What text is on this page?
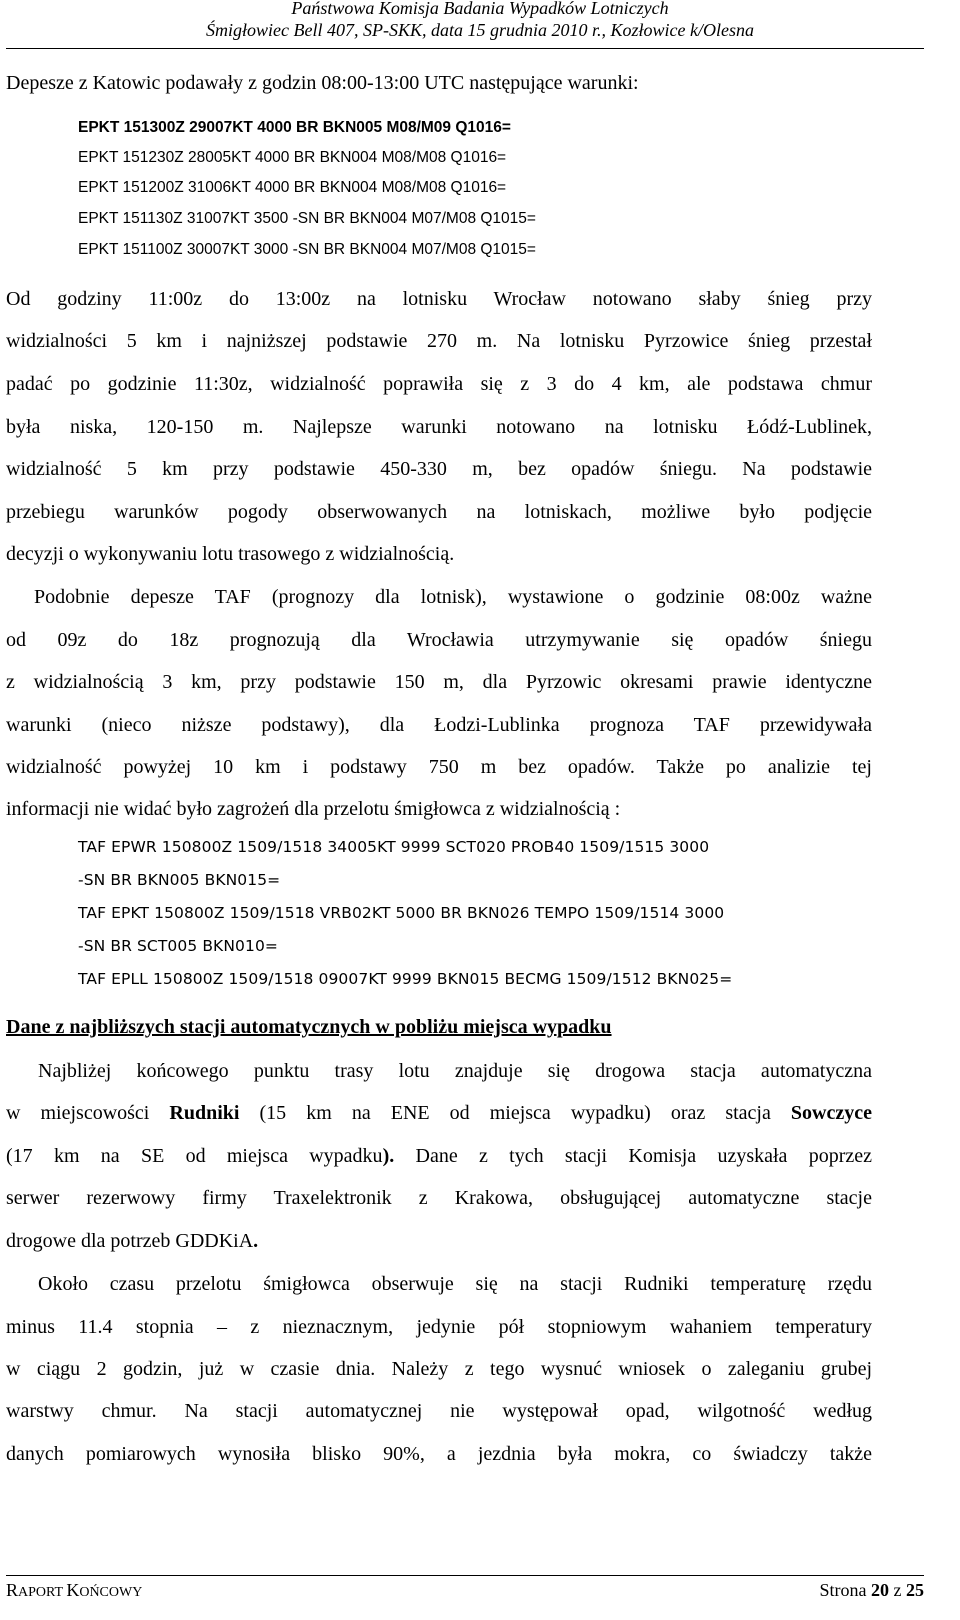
Państwowa Komisja Badania Wypadków Lotniczych
Śmigłowiec Bell 407, SP-SKK, data 15 grudnia 2010 r., Kozłowice k/Olesna
Depesze z Katowic podawały z godzin 08:00-13:00 UTC następujące warunki:
EPKT 151300Z 29007KT 4000 BR BKN005 M08/M09 Q1016=
EPKT 151230Z 28005KT 4000 BR BKN004 M08/M08 Q1016=
EPKT 151200Z 31006KT 4000 BR BKN004 M08/M08 Q1016=
EPKT 151130Z 31007KT 3500 -SN BR BKN004 M07/M08 Q1015=
EPKT 151100Z 30007KT 3000 -SN BR BKN004 M07/M08 Q1015=
Od godziny 11:00z do 13:00z na lotnisku Wrocław notowano słaby śnieg przy
widzialności 5 km i najniższej podstawie 270 m. Na lotnisku Pyrzowice śnieg przestał
padać po godzinie 11:30z, widzialność poprawiła się z 3 do 4 km, ale podstawa chmur
była niska, 120-150 m. Najlepsze warunki notowano na lotnisku Łódź-Lublinek,
widzialność 5 km przy podstawie 450-330 m, bez opadów śniegu. Na podstawie
przebiegu warunków pogody obserwowanych na lotniskach, możliwe było podjęcie
decyzji o wykonywaniu lotu trasowego z widzialnością.
Podobnie depesze TAF (prognozy dla lotnisk), wystawione o godzinie 08:00z ważne
od 09z do 18z prognozują dla Wrocławia utrzymywanie się opadów śniegu
z widzialnością 3 km, przy podstawie 150 m, dla Pyrzowic okresami prawie identyczne
warunki (nieco niższe podstawy), dla Łodzi-Lublinka prognoza TAF przewidywała
widzialność powyżej 10 km i podstawy 750 m bez opadów. Także po analizie tej
informacji nie widać było zagrożeń dla przelotu śmigłowca z widzialnością :
TAF EPWR 150800Z 1509/1518 34005KT 9999 SCT020 PROB40 1509/1515 3000
-SN BR BKN005 BKN015=
TAF EPKT 150800Z 1509/1518 VRB02KT 5000 BR BKN026 TEMPO 1509/1514 3000
-SN BR SCT005 BKN010=
TAF EPLL 150800Z 1509/1518 09007KT 9999 BKN015 BECMG 1509/1512 BKN025=
Dane z najbliższych stacji automatycznych w pobliżu miejsca wypadku
Najbliżej końcowego punktu trasy lotu znajduje się drogowa stacja automatyczna
w miejscowości Rudniki (15 km na ENE od miejsca wypadku) oraz stacja Sowczyce
(17 km na SE od miejsca wypadku). Dane z tych stacji Komisja uzyskała poprzez
serwer rezerwowy firmy Traxelektronik z Krakowa, obsługującej automatyczne stacje
drogowe dla potrzeb GDDKiA.
Około czasu przelotu śmigłowca obserwuje się na stacji Rudniki temperaturę rzędu
minus 11.4 stopnia – z nieznacznym, jedynie pół stopniowym wahaniem temperatury
w ciągu 2 godzin, już w czasie dnia. Należy z tego wysnuć wniosek o zaleganiu grubej
warstwy chmur. Na stacji automatycznej nie występował opad, wilgotność według
danych pomiarowych wynosiła blisko 90%, a jezdnia była mokra, co świadczy także
RAPORT KOŃCOWY	Strona 20 z 25
